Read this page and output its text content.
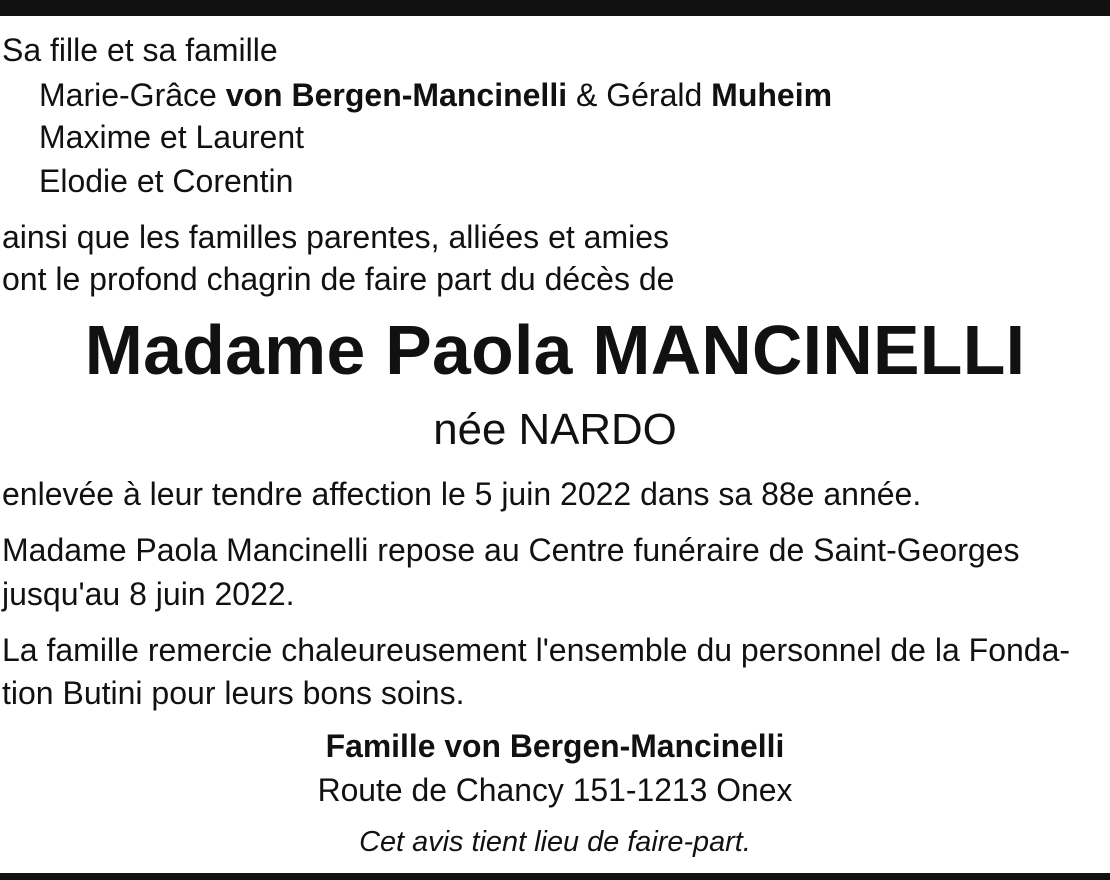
Sa fille et sa famille

Marie-Grâce von Bergen-Mancinelli & Gérald Muheim

Maxime et Laurent

Elodie et Corentin

ainsi que les familles parentes, alliées et amies

ont le profond chagrin de faire part du décès de

Madame Paola MANCINELLI

née NARDO

enlevée à leur tendre affection le 5 juin 2022 dans sa 88e année.

Madame Paola Mancinelli repose au Centre funéraire de Saint-Georges

jusqu'au 8 juin 2022.

La famille remercie chaleureusement l'ensemble du personnel de la Fonda-

tion Butini pour leurs bons soins.

Famille von Bergen-Mancinelli

Route de Chancy 151-1213 Onex

Cet avis tient lieu de faire-part.
